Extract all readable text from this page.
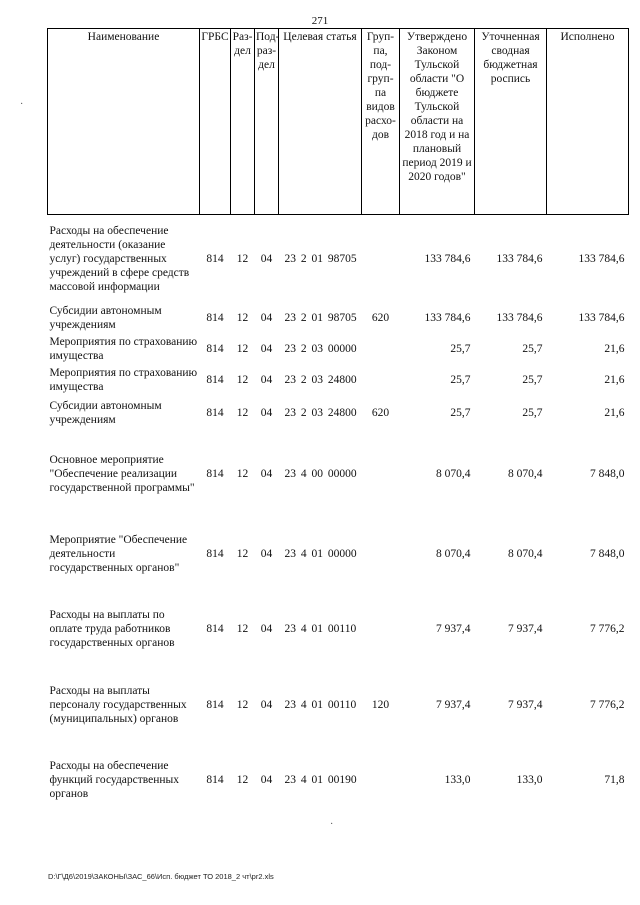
271
Наименование	ГРБС	Раз-дел	Под-раз-дел	Целевая статья	Груп-па, под-груп-па видов расхо-дов	Утверждено Законом Тульской области "О бюджете Тульской области на 2018 год и на плановый период 2019 и 2020 годов"	Уточненная сводная бюджетная роспись	Исполнено
Расходы на обеспечение деятельности (оказание услуг) государственных учреждений в сфере средств массовой информации	814	12	04	23 2 01 98705		133 784,6	133 784,6	133 784,6
Субсидии автономным учреждениям	814	12	04	23 2 01 98705	620	133 784,6	133 784,6	133 784,6
Мероприятия по страхованию имущества	814	12	04	23 2 03 00000		25,7	25,7	21,6
Мероприятия по страхованию имущества	814	12	04	23 2 03 24800		25,7	25,7	21,6
Субсидии автономным учреждениям	814	12	04	23 2 03 24800	620	25,7	25,7	21,6
Основное мероприятие "Обеспечение реализации государственной программы"	814	12	04	23 4 00 00000		8 070,4	8 070,4	7 848,0
Мероприятие "Обеспечение деятельности государственных органов"	814	12	04	23 4 01 00000		8 070,4	8 070,4	7 848,0
Расходы на выплаты по оплате труда работников государственных органов	814	12	04	23 4 01 00110		7 937,4	7 937,4	7 776,2
Расходы на выплаты персоналу государственных (муниципальных) органов	814	12	04	23 4 01 00110	120	7 937,4	7 937,4	7 776,2
Расходы на обеспечение функций государственных органов	814	12	04	23 4 01 00190		133,0	133,0	71,8
·
·
D:\Г\Д6\2019\ЗАКОНЫ\ЗАС_66\Исп. бюджет ТО 2018_2 чт\pr2.xls
